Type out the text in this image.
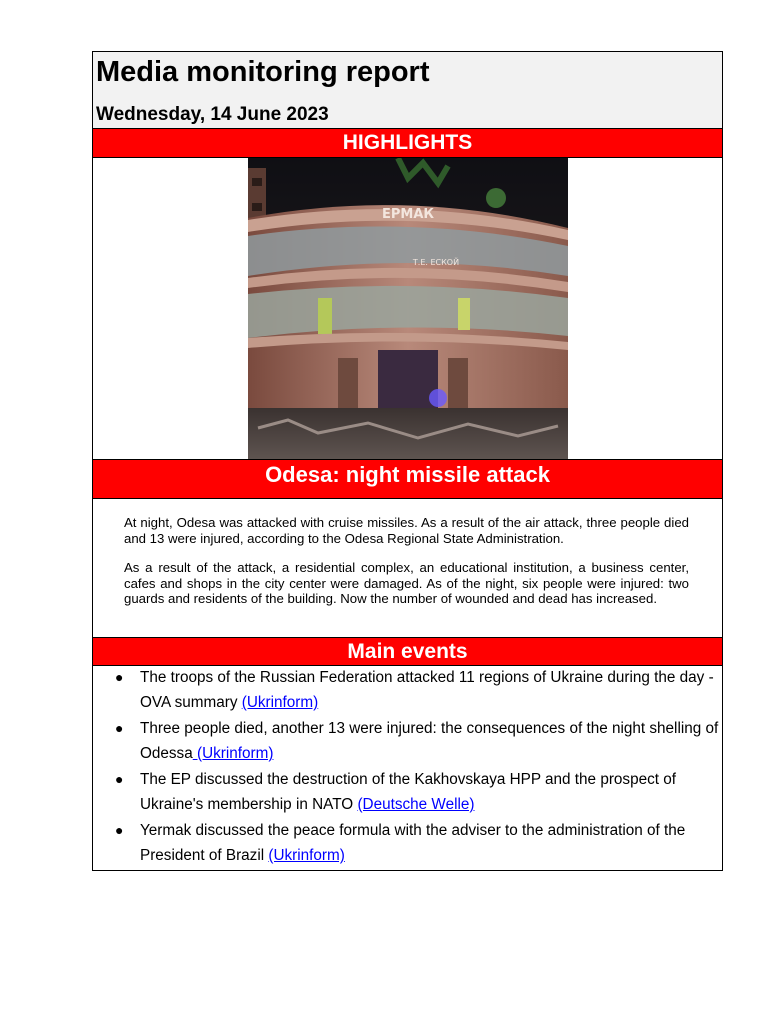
Media monitoring report
Wednesday, 14 June 2023
HIGHLIGHTS
ЕРМАК
Т.Е. ЕСКОЙ
Odesa: night missile attack

At night, Odesa was attacked with cruise missiles. As a result of the air attack, three people died and 13 were injured, according to the Odesa Regional State Administration.

As a result of the attack, a residential complex, an educational institution, a business center, cafes and shops in the city center were damaged. As of the night, six people were injured: two guards and residents of the building. Now the number of wounded and dead has increased.

Main events
● The troops of the Russian Federation attacked 11 regions of Ukraine during the day - OVA summary (Ukrinform)
● Three people died, another 13 were injured: the consequences of the night shelling of Odessa (Ukrinform)
● The EP discussed the destruction of the Kakhovskaya HPP and the prospect of Ukraine's membership in NATO (Deutsche Welle)
● Yermak discussed the peace formula with the adviser to the administration of the President of Brazil (Ukrinform)
